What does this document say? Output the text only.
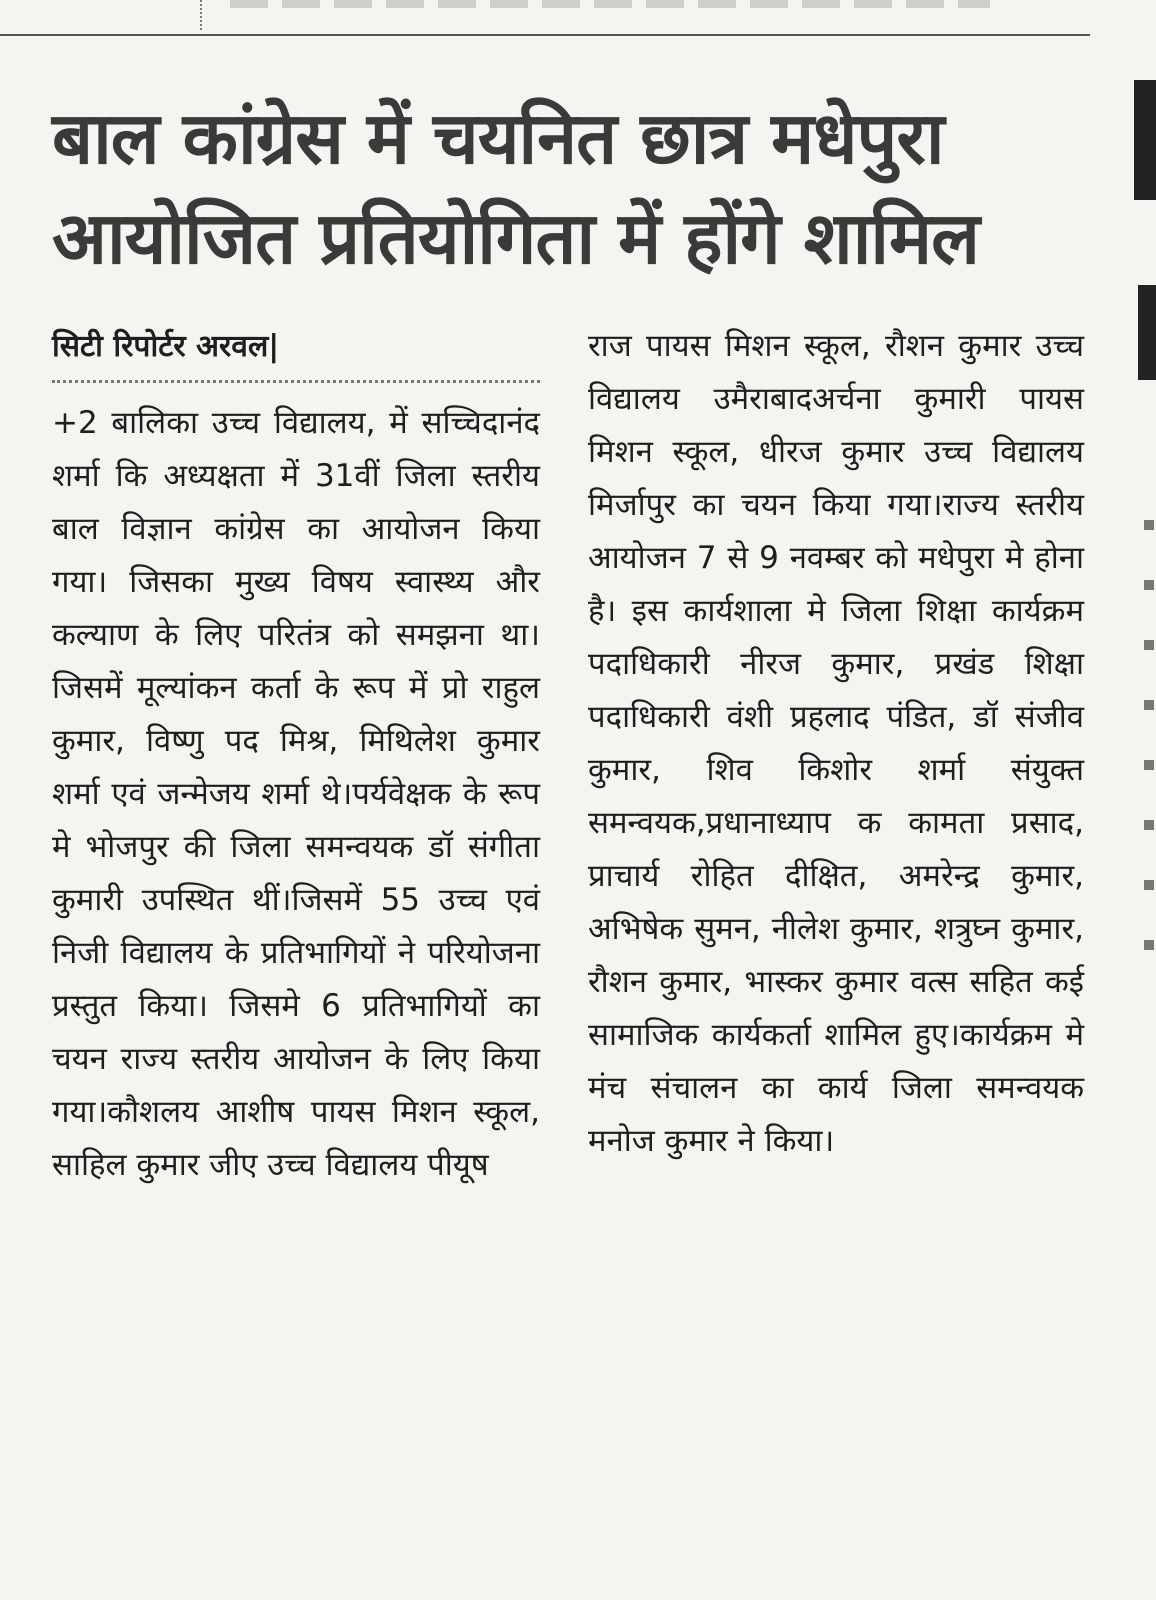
बाल कांग्रेस में चयनित छात्र मधेपुरा
आयोजित प्रतियोगिता में होंगे शामिल
सिटी रिपोर्टर अरवल|

+2 बालिका उच्च विद्यालय, में सच्चिदानंद शर्मा कि अध्यक्षता में 31वीं जिला स्तरीय बाल विज्ञान कांग्रेस का आयोजन किया गया। जिसका मुख्य विषय स्वास्थ्य और कल्याण के लिए परितंत्र को समझना था।जिसमें मूल्यांकन कर्ता के रूप में प्रो राहुल कुमार, विष्णु पद मिश्र, मिथिलेश कुमार शर्मा एवं जन्मेजय शर्मा थे।पर्यवेक्षक के रूप मे भोजपुर की जिला समन्वयक डॉ संगीता कुमारी उपस्थित थीं।जिसमें 55 उच्च एवं निजी विद्यालय के प्रतिभागियों ने परियोजना प्रस्तुत किया। जिसमे 6 प्रतिभागियों का चयन राज्य स्तरीय आयोजन के लिए किया गया।कौशलय आशीष पायस मिशन स्कूल, साहिल कुमार जीए उच्च विद्यालय पीयूष

राज पायस मिशन स्कूल, रौशन कुमार उच्च विद्यालय उमैराबादअर्चना कुमारी पायस मिशन स्कूल, धीरज कुमार उच्च विद्यालय मिर्जापुर का चयन किया गया।राज्य स्तरीय आयोजन 7 से 9 नवम्बर को मधेपुरा मे होना है। इस कार्यशाला मे जिला शिक्षा कार्यक्रम पदाधिकारी नीरज कुमार, प्रखंड शिक्षा पदाधिकारी वंशी प्रहलाद पंडित, डॉ संजीव कुमार, शिव किशोर शर्मा संयुक्त समन्वयक,प्रधानाध्याप क कामता प्रसाद, प्राचार्य रोहित दीक्षित, अमरेन्द्र कुमार, अभिषेक सुमन, नीलेश कुमार, शत्रुघ्न कुमार, रौशन कुमार, भास्कर कुमार वत्स सहित कई सामाजिक कार्यकर्ता शामिल हुए।कार्यक्रम मे मंच संचालन का कार्य जिला समन्वयक मनोज कुमार ने किया।
